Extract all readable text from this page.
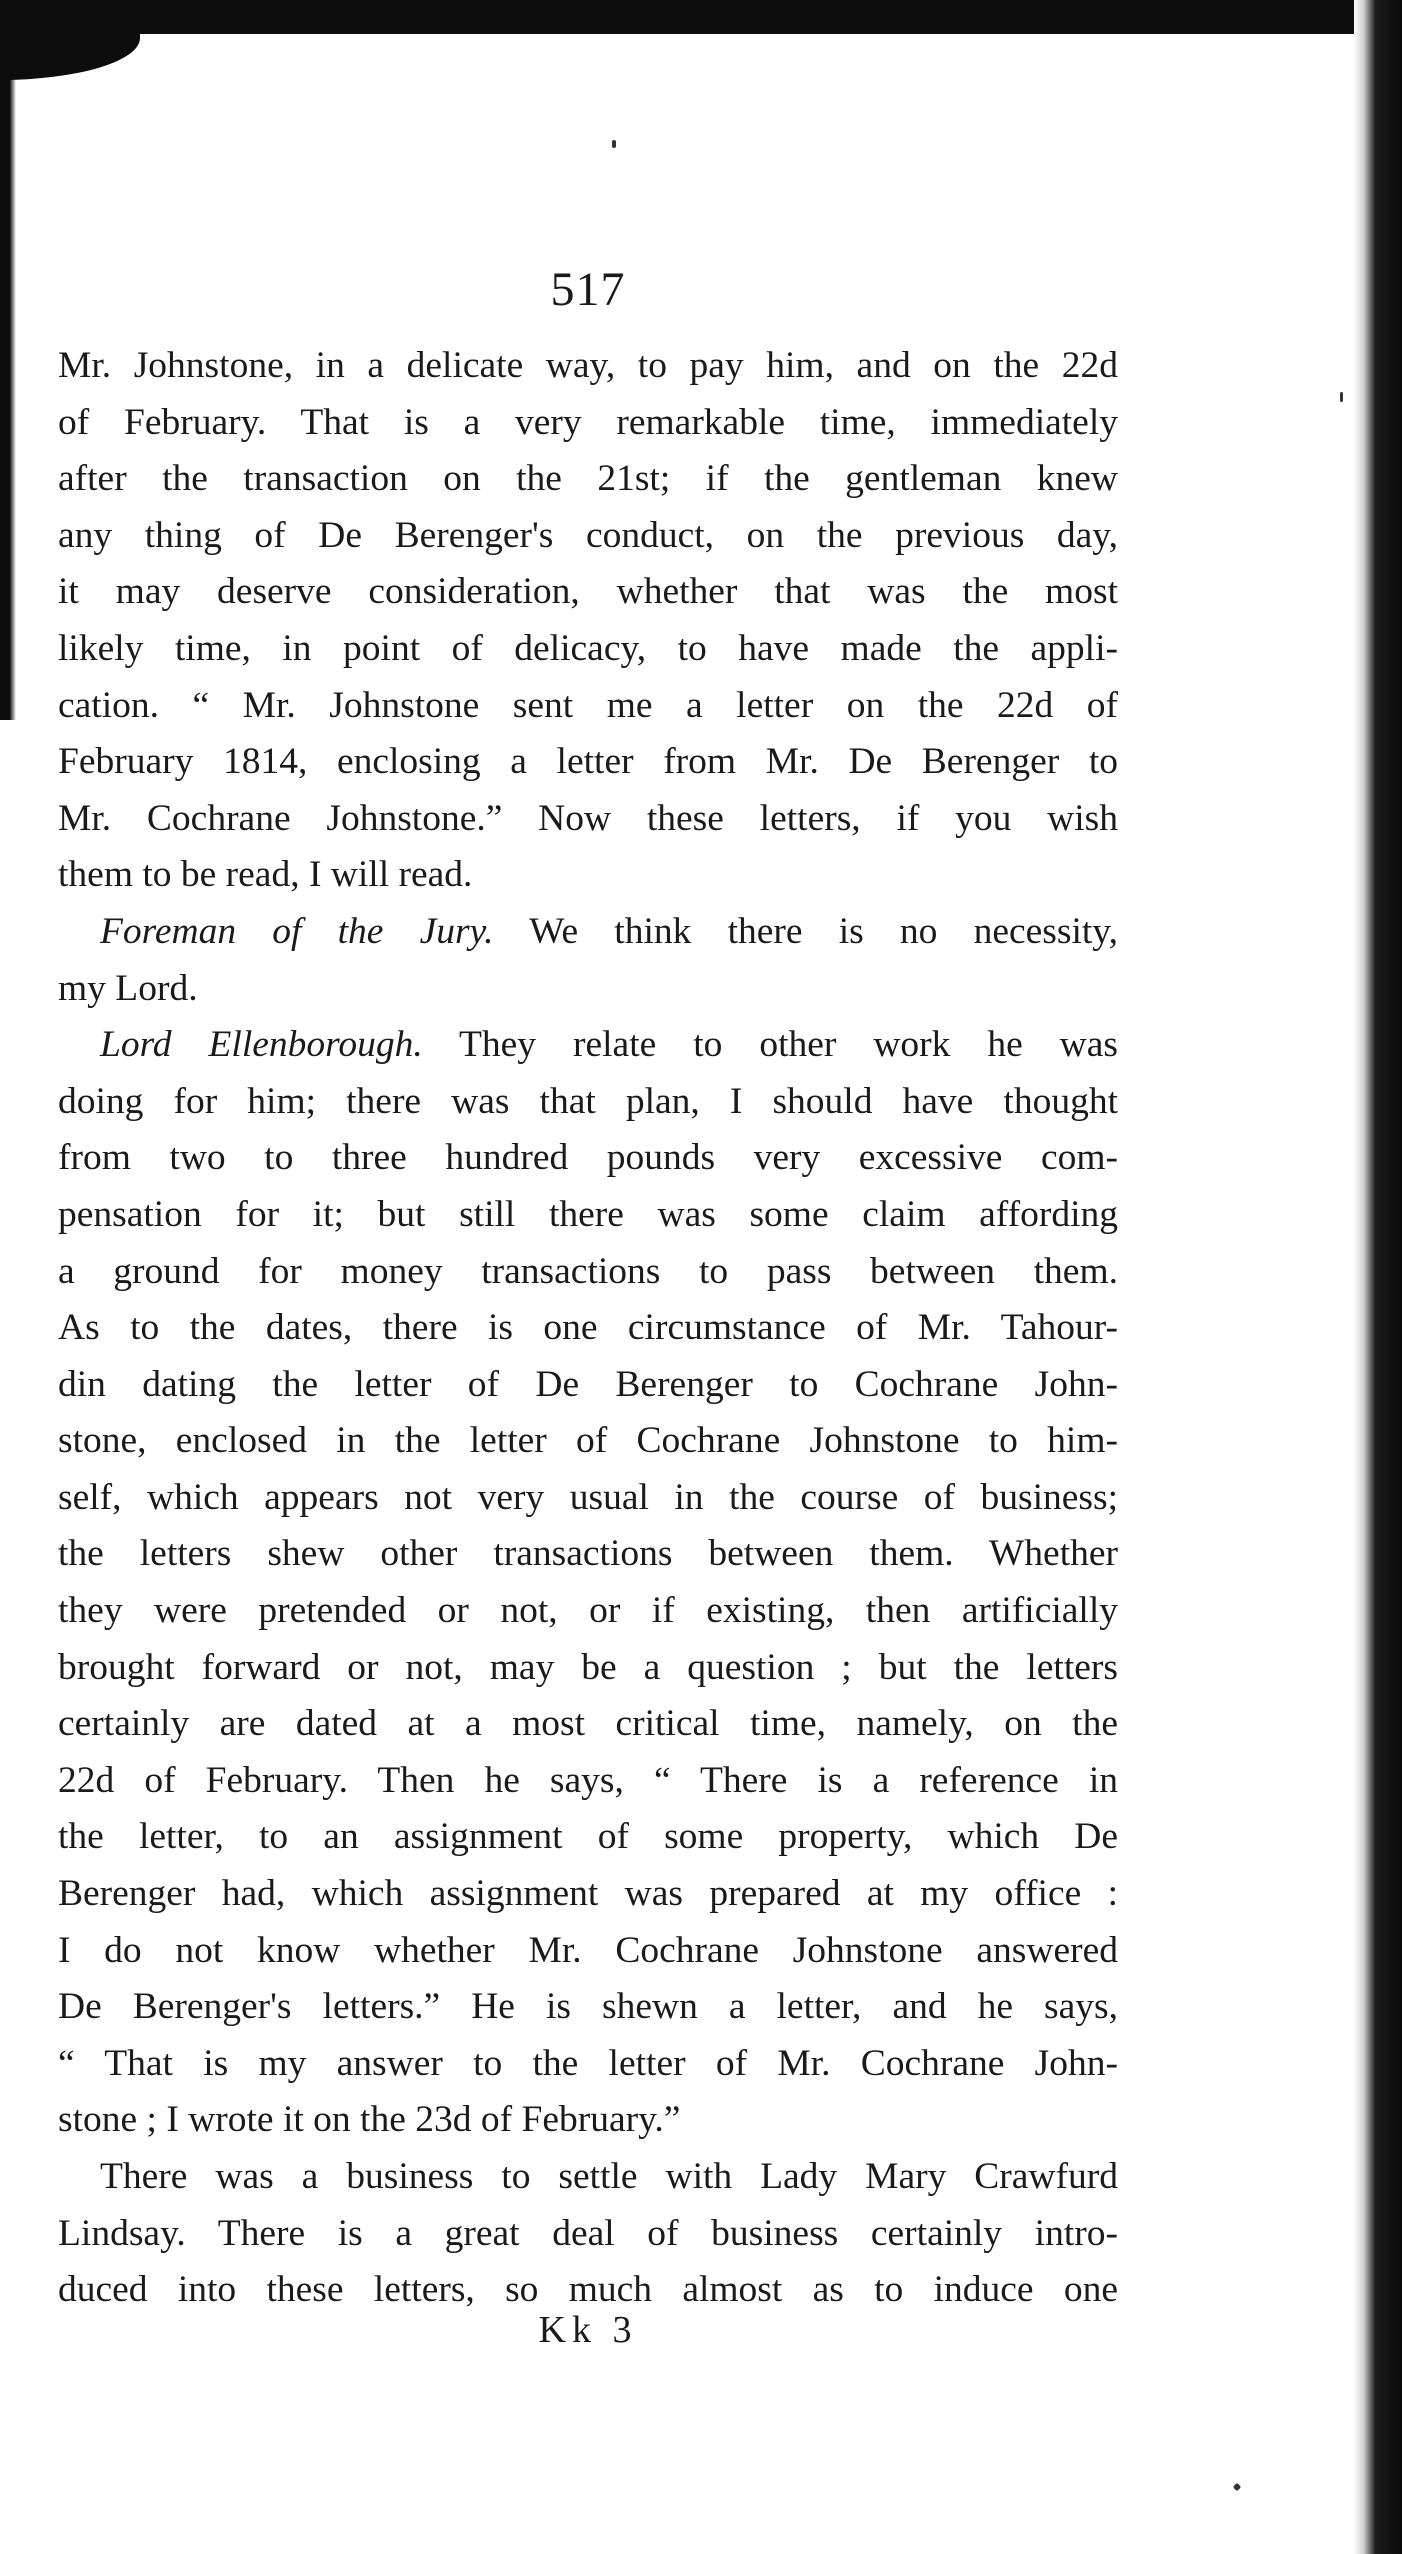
517
Mr. Johnstone, in a delicate way, to pay him, and on the 22d
of February. That is a very remarkable time, immediately
after the transaction on the 21st; if the gentleman knew
any thing of De Berenger's conduct, on the previous day,
it may deserve consideration, whether that was the most
likely time, in point of delicacy, to have made the appli-
cation. “ Mr. Johnstone sent me a letter on the 22d of
February 1814, enclosing a letter from Mr. De Berenger to
Mr. Cochrane Johnstone.” Now these letters, if you wish
them to be read, I will read.
Foreman of the Jury. We think there is no necessity,
my Lord.
Lord Ellenborough. They relate to other work he was
doing for him; there was that plan, I should have thought
from two to three hundred pounds very excessive com-
pensation for it; but still there was some claim affording
a ground for money transactions to pass between them.
As to the dates, there is one circumstance of Mr. Tahour-
din dating the letter of De Berenger to Cochrane John-
stone, enclosed in the letter of Cochrane Johnstone to him-
self, which appears not very usual in the course of business;
the letters shew other transactions between them. Whether
they were pretended or not, or if existing, then artificially
brought forward or not, may be a question ; but the letters
certainly are dated at a most critical time, namely, on the
22d of February. Then he says, “ There is a reference in
the letter, to an assignment of some property, which De
Berenger had, which assignment was prepared at my office :
I do not know whether Mr. Cochrane Johnstone answered
De Berenger's letters.” He is shewn a letter, and he says,
“ That is my answer to the letter of Mr. Cochrane John-
stone ; I wrote it on the 23d of February.”
There was a business to settle with Lady Mary Crawfurd
Lindsay. There is a great deal of business certainly intro-
duced into these letters, so much almost as to induce one
Kk 3
